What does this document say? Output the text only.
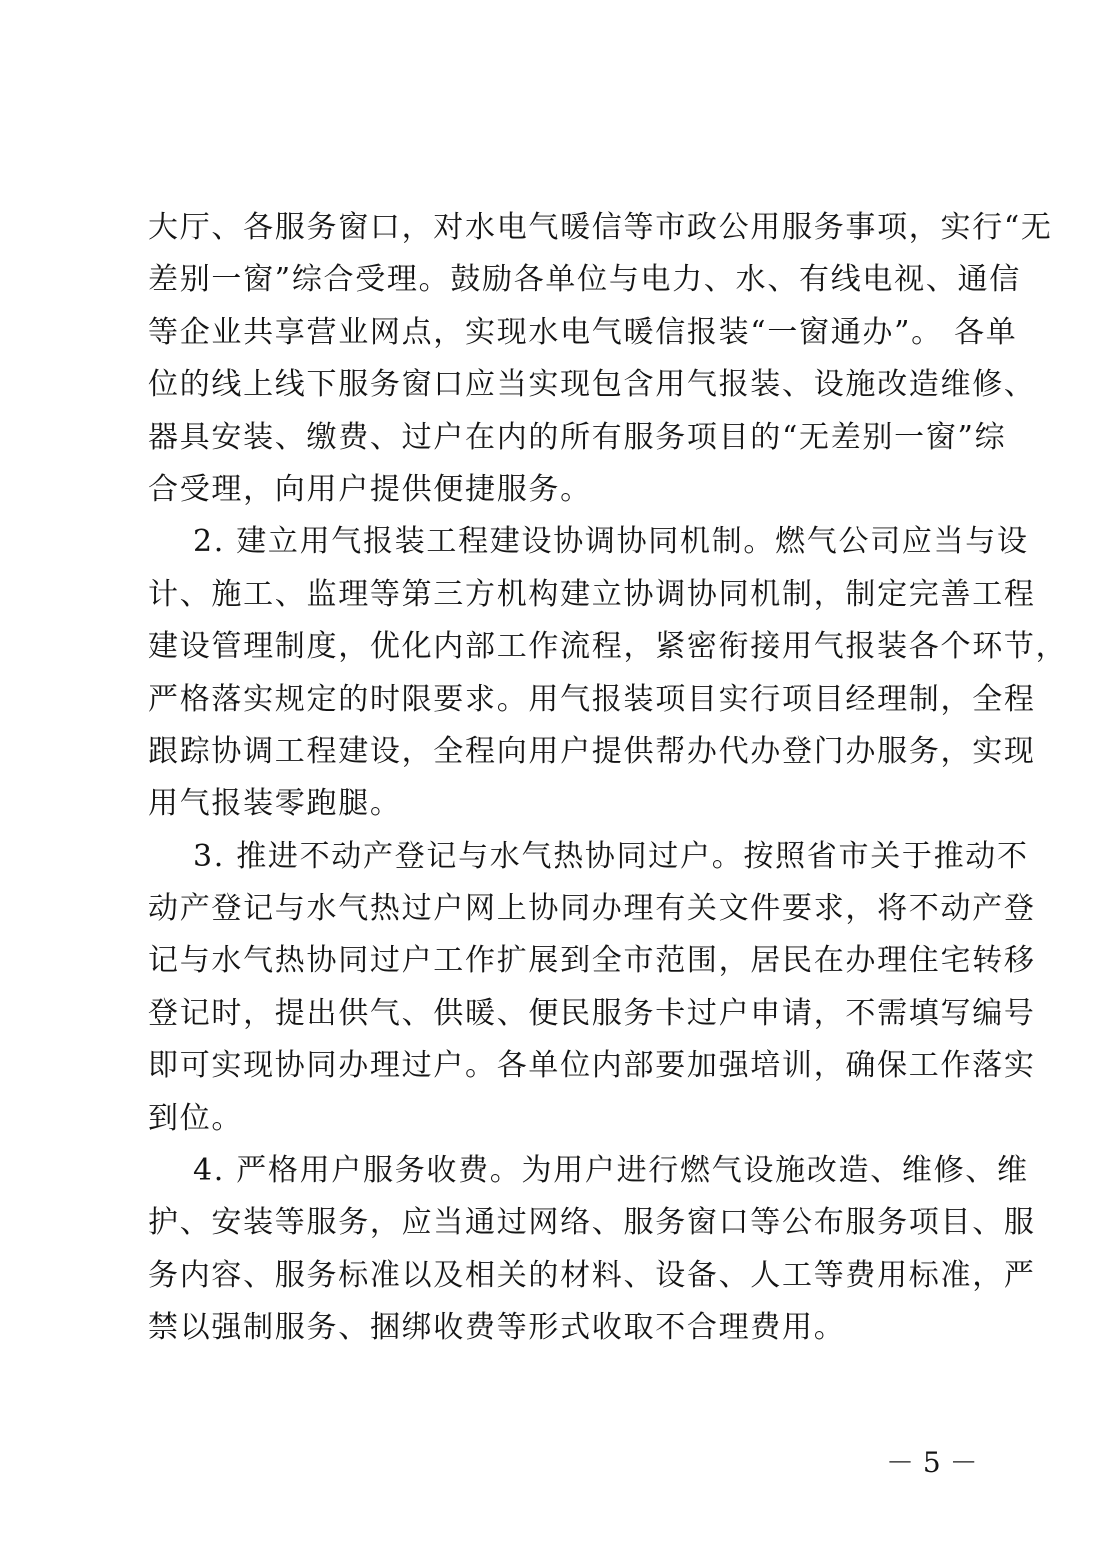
大厅、各服务窗口，对水电气暖信等市政公用服务事项，实行“无
差别一窗”综合受理。鼓励各单位与电力、水、有线电视、通信
等企业共享营业网点，实现水电气暖信报装“一窗通办”。 各单
位的线上线下服务窗口应当实现包含用气报装、设施改造维修、
器具安装、缴费、过户在内的所有服务项目的“无差别一窗”综
合受理，向用户提供便捷服务。
2. 建立用气报装工程建设协调协同机制。燃气公司应当与设
计、施工、监理等第三方机构建立协调协同机制，制定完善工程
建设管理制度，优化内部工作流程，紧密衔接用气报装各个环节，
严格落实规定的时限要求。用气报装项目实行项目经理制，全程
跟踪协调工程建设，全程向用户提供帮办代办登门办服务，实现
用气报装零跑腿。
3. 推进不动产登记与水气热协同过户。按照省市关于推动不
动产登记与水气热过户网上协同办理有关文件要求，将不动产登
记与水气热协同过户工作扩展到全市范围，居民在办理住宅转移
登记时，提出供气、供暖、便民服务卡过户申请，不需填写编号
即可实现协同办理过户。各单位内部要加强培训，确保工作落实
到位。
4. 严格用户服务收费。为用户进行燃气设施改造、维修、维
护、安装等服务，应当通过网络、服务窗口等公布服务项目、服
务内容、服务标准以及相关的材料、设备、人工等费用标准，严
禁以强制服务、捆绑收费等形式收取不合理费用。
－ 5 －
